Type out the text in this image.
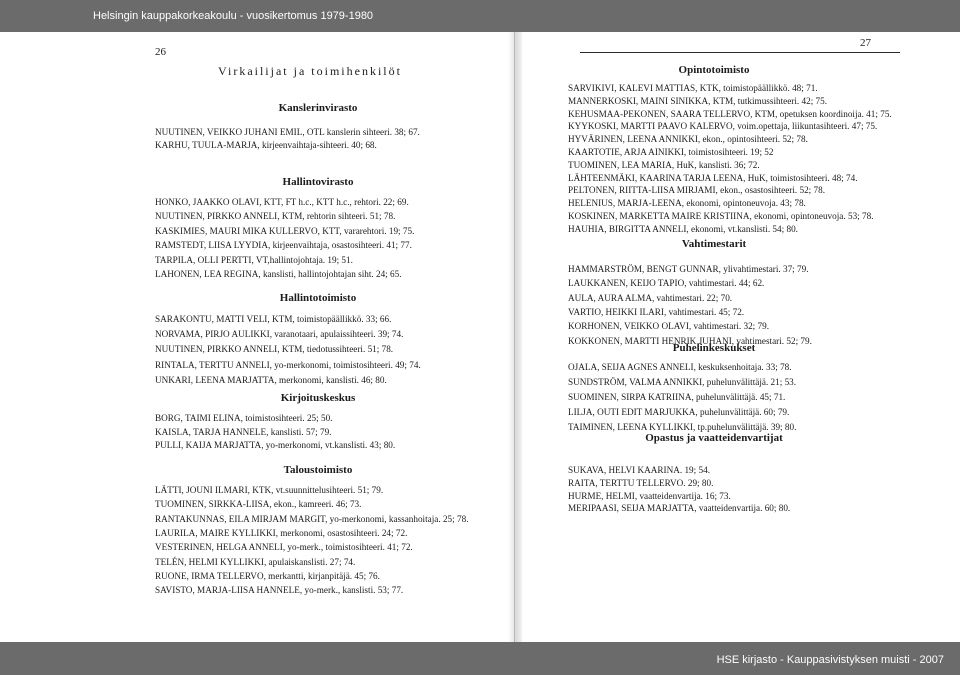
Helsingin kauppakorkeakoulu - vuosikertomus 1979-1980
26
Virkailijat ja toimihenkilöt
Kanslerinvirasto
NUUTINEN, VEIKKO JUHANI EMIL, OTL kanslerin sihteeri. 38; 67.
KARHU, TUULA-MARJA, kirjeenvaihtaja-sihteeri. 40; 68.
Hallintovirasto
HONKO, JAAKKO OLAVI, KTT, FT h.c., KTT h.c., rehtori. 22; 69.
NUUTINEN, PIRKKO ANNELI, KTM, rehtorin sihteeri. 51; 78.
KASKIMIES, MAURI MIKA KULLERVO, KTT, vararehtori. 19; 75.
RAMSTEDT, LIISA LYYDIA, kirjeenvaihtaja, osastosihteeri. 41; 77.
TARPILA, OLLI PERTTI, VT,hallintojohtaja. 19; 51.
LAHONEN, LEA REGINA, kanslisti, hallintojohtajan siht. 24; 65.
Hallintotoimisto
SARAKONTU, MATTI VELI, KTM, toimistopäällikkö. 33; 66.
NORVAMA, PIRJO AULIKKI, varanotaari, apulaissihteeri. 39; 74.
NUUTINEN, PIRKKO ANNELI, KTM, tiedotussihteeri. 51; 78.
RINTALA, TERTTU ANNELI, yo-merkonomi, toimistosihteeri. 49; 74.
UNKARI, LEENA MARJATTA, merkonomi, kanslisti. 46; 80.
Kirjoituskeskus
BORG, TAIMI ELINA, toimistosihteeri. 25; 50.
KAISLA, TARJA HANNELE, kanslisti. 57; 79.
PULLI, KAIJA MARJATTA, yo-merkonomi, vt.kanslisti. 43; 80.
Taloustoimisto
LÄTTI, JOUNI ILMARI, KTK, vt.suunnittelusihteeri. 51; 79.
TUOMINEN, SIRKKA-LIISA, ekon., kamreeri. 46; 73.
RANTAKUNNAS, EILA MIRJAM MARGIT, yo-merkonomi, kassanhoitaja. 25; 78.
LAURILA, MAIRE KYLLIKKI, merkonomi, osastosihteeri. 24; 72.
VESTERINEN, HELGA ANNELI, yo-merk., toimistosihteeri. 41; 72.
TELÉN, HELMI KYLLIKKI, apulaiskanslisti. 27; 74.
RUONE, IRMA TELLERVO, merkantti, kirjanpitäjä. 45; 76.
SAVISTO, MARJA-LIISA HANNELE, yo-merk., kanslisti. 53; 77.
27
Opintotoimisto
SARVIKIVI, KALEVI MATTIAS, KTK, toimistopäällikkö. 48; 71.
MANNERKOSKI, MAINI SINIKKA, KTM, tutkimussihteeri. 42; 75.
KEHUSMAA-PEKONEN, SAARA TELLERVO, KTM, opetuksen koordinoija. 41; 75.
KYYKOSKI, MARTTI PAAVO KALERVO, voim.opettaja, liikuntasihteeri. 47; 75.
HYVÄRINEN, LEENA ANNIKKI, ekon., opintosihteeri. 52; 78.
KAARTOTIE, ARJA AINIKKI, toimistosihteeri. 19; 52
TUOMINEN, LEA MARIA, HuK, kanslisti. 36; 72.
LÄHTEENMÄKI, KAARINA TARJA LEENA, HuK, toimistosihteeri. 48; 74.
PELTONEN, RIITTA-LIISA MIRJAMI, ekon., osastosihteeri. 52; 78.
HELENIUS, MARJA-LEENA, ekonomi, opintoneuvoja. 43; 78.
KOSKINEN, MARKETTA MAIRE KRISTIINA, ekonomi, opintoneuvoja. 53; 78.
HAUHIA, BIRGITTA ANNELI, ekonomi, vt.kanslisti. 54; 80.
Vahtimestarit
HAMMARSTRÖM, BENGT GUNNAR, ylivahtimestari. 37; 79.
LAUKKANEN, KEIJO TAPIO, vahtimestari. 44; 62.
AULA, AURA ALMA, vahtimestari. 22; 70.
VARTIO, HEIKKI ILARI, vahtimestari. 45; 72.
KORHONEN, VEIKKO OLAVI, vahtimestari. 32; 79.
KOKKONEN, MARTTI HENRIK JUHANI, vahtimestari. 52; 79.
Puhelinkeskukset
OJALA, SEIJA AGNES ANNELI, keskuksenhoitaja. 33; 78.
SUNDSTRÖM, VALMA ANNIKKI, puhelunvälittäjä. 21; 53.
SUOMINEN, SIRPA KATRIINA, puhelunvälittäjä. 45; 71.
LILJA, OUTI EDIT MARJUKKA, puhelunvälittäjä. 60; 79.
TAIMINEN, LEENA KYLLIKKI, tp.puhelunvälittäjä. 39; 80.
Opastus ja vaatteidenvartijat
SUKAVA, HELVI KAARINA. 19; 54.
RAITA, TERTTU TELLERVO. 29; 80.
HURME, HELMI, vaatteidenvartija. 16; 73.
MERIPAASI, SEIJA MARJATTA, vaatteidenvartija. 60; 80.
HSE kirjasto - Kauppasivistyksen muisti - 2007
